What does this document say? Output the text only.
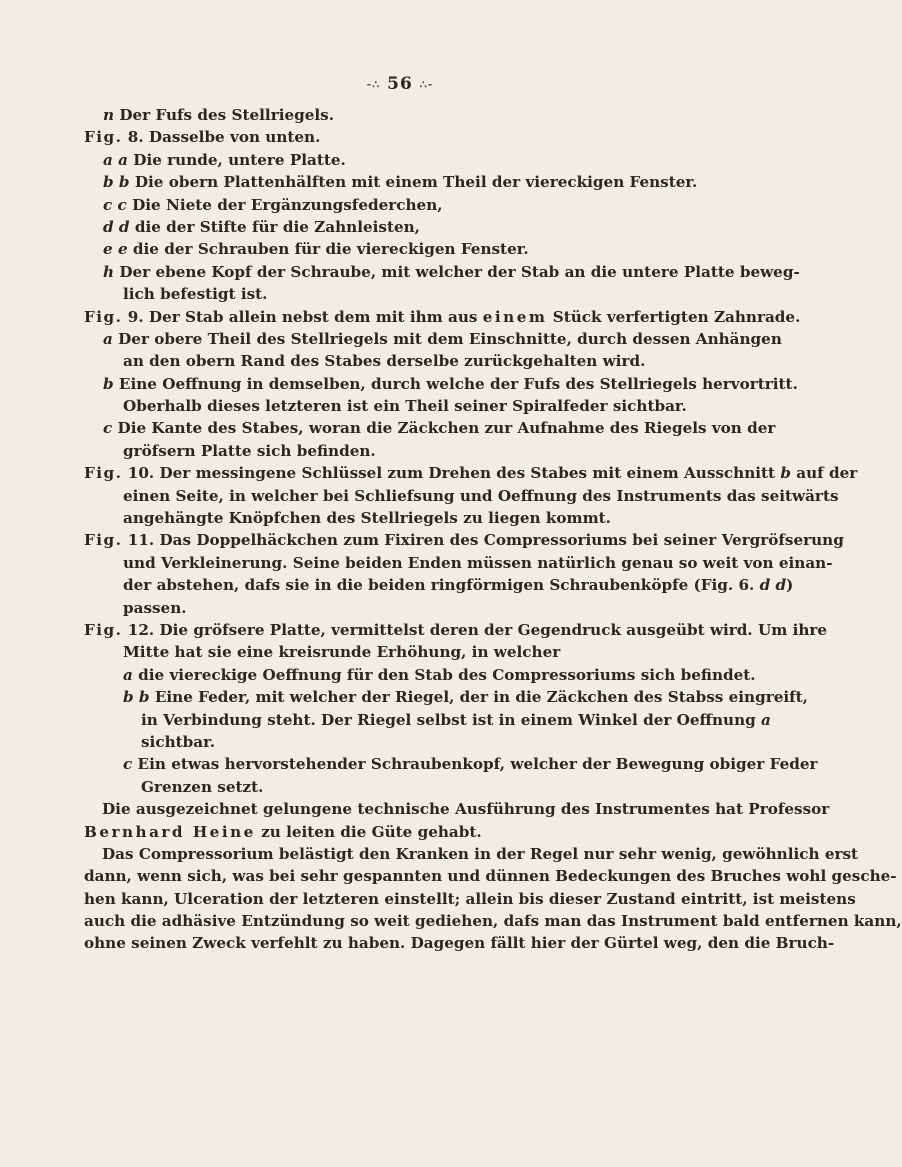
-∴ 56 ∴-
n Der Fufs des Stellriegels.
Fig. 8. Dasselbe von unten.
a a Die runde, untere Platte.
b b Die obern Plattenhälften mit einem Theil der viereckigen Fenster.
c c Die Niete der Ergänzungsfederchen,
d d die der Stifte für die Zahnleisten,
e e die der Schrauben für die viereckigen Fenster.
h Der ebene Kopf der Schraube, mit welcher der Stab an die untere Platte beweg-
lich befestigt ist.
Fig. 9. Der Stab allein nebst dem mit ihm aus einem Stück verfertigten Zahnrade.
a Der obere Theil des Stellriegels mit dem Einschnitte, durch dessen Anhängen
an den obern Rand des Stabes derselbe zurückgehalten wird.
b Eine Oeffnung in demselben, durch welche der Fufs des Stellriegels hervortritt.
Oberhalb dieses letzteren ist ein Theil seiner Spiralfeder sichtbar.
c Die Kante des Stabes, woran die Zäckchen zur Aufnahme des Riegels von der
gröfsern Platte sich befinden.
Fig. 10. Der messingene Schlüssel zum Drehen des Stabes mit einem Ausschnitt b auf der
einen Seite, in welcher bei Schliefsung und Oeffnung des Instruments das seitwärts
angehängte Knöpfchen des Stellriegels zu liegen kommt.
Fig. 11. Das Doppelhäckchen zum Fixiren des Compressoriums bei seiner Vergröfserung
und Verkleinerung. Seine beiden Enden müssen natürlich genau so weit von einan-
der abstehen, dafs sie in die beiden ringförmigen Schraubenköpfe (Fig. 6. d d)
passen.
Fig. 12. Die gröfsere Platte, vermittelst deren der Gegendruck ausgeübt wird. Um ihre
Mitte hat sie eine kreisrunde Erhöhung, in welcher
a die viereckige Oeffnung für den Stab des Compressoriums sich befindet.
b b Eine Feder, mit welcher der Riegel, der in die Zäckchen des Stabss eingreift,
in Verbindung steht. Der Riegel selbst ist in einem Winkel der Oeffnung a
sichtbar.
c Ein etwas hervorstehender Schraubenkopf, welcher der Bewegung obiger Feder
Grenzen setzt.
Die ausgezeichnet gelungene technische Ausführung des Instrumentes hat Professor
Bernhard Heine zu leiten die Güte gehabt.
Das Compressorium belästigt den Kranken in der Regel nur sehr wenig, gewöhnlich erst
dann, wenn sich, was bei sehr gespannten und dünnen Bedeckungen des Bruches wohl gesche-
hen kann, Ulceration der letzteren einstellt; allein bis dieser Zustand eintritt, ist meistens
auch die adhäsive Entzündung so weit gediehen, dafs man das Instrument bald entfernen kann,
ohne seinen Zweck verfehlt zu haben. Dagegen fällt hier der Gürtel weg, den die Bruch-
